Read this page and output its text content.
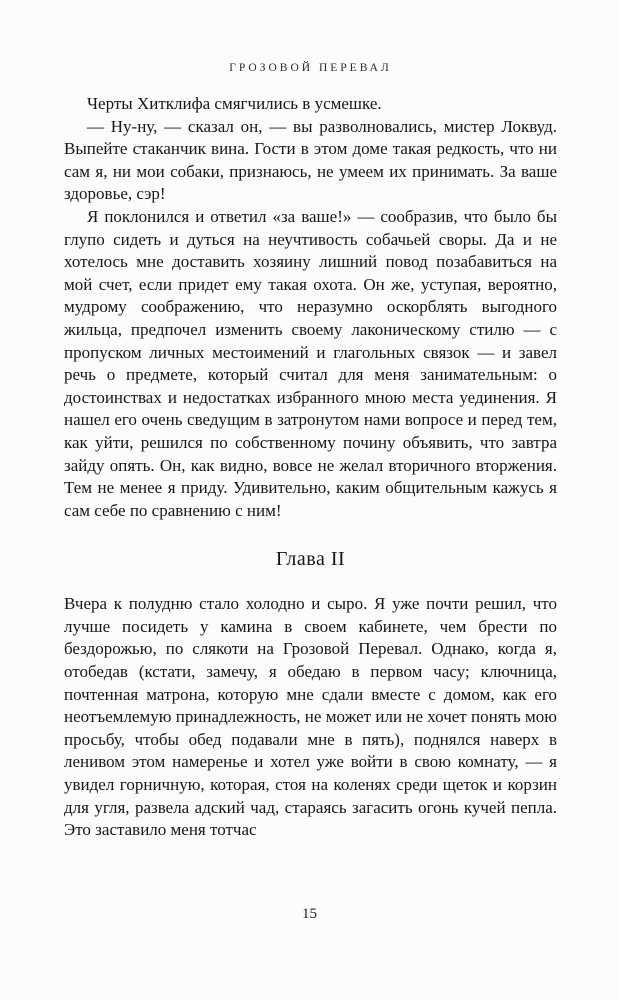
ГРОЗОВОЙ ПЕРЕВАЛ

Черты Хитклифа смягчились в усмешке.

— Ну-ну, — сказал он, — вы разволновались, мистер Локвуд. Выпейте стаканчик вина. Гости в этом доме такая редкость, что ни сам я, ни мои собаки, признаюсь, не умеем их принимать. За ваше здоровье, сэр!

Я поклонился и ответил «за ваше!» — сообразив, что было бы глупо сидеть и дуться на неучтивость собачьей своры. Да и не хотелось мне доставить хозяину лишний повод позабавиться на мой счет, если придет ему такая охота. Он же, уступая, вероятно, мудрому соображению, что неразумно оскорблять выгодного жильца, предпочел изменить своему лаконическому стилю — с пропуском личных местоимений и глагольных связок — и завел речь о предмете, который считал для меня занимательным: о достоинствах и недостатках избранного мною места уединения. Я нашел его очень сведущим в затронутом нами вопросе и перед тем, как уйти, решился по собственному почину объявить, что завтра зайду опять. Он, как видно, вовсе не желал вторичного вторжения. Тем не менее я приду. Удивительно, каким общительным кажусь я сам себе по сравнению с ним!

Глава II

Вчера к полудню стало холодно и сыро. Я уже почти решил, что лучше посидеть у камина в своем кабинете, чем брести по бездорожью, по слякоти на Грозовой Перевал. Однако, когда я, отобедав (кстати, замечу, я обедаю в первом часу; ключница, почтенная матрона, которую мне сдали вместе с домом, как его неотъемлемую принадлежность, не может или не хочет понять мою просьбу, чтобы обед подавали мне в пять), поднялся наверх в ленивом этом намеренье и хотел уже войти в свою комнату, — я увидел горничную, которая, стоя на коленях среди щеток и корзин для угля, развела адский чад, стараясь загасить огонь кучей пепла. Это заставило меня тотчас

15
